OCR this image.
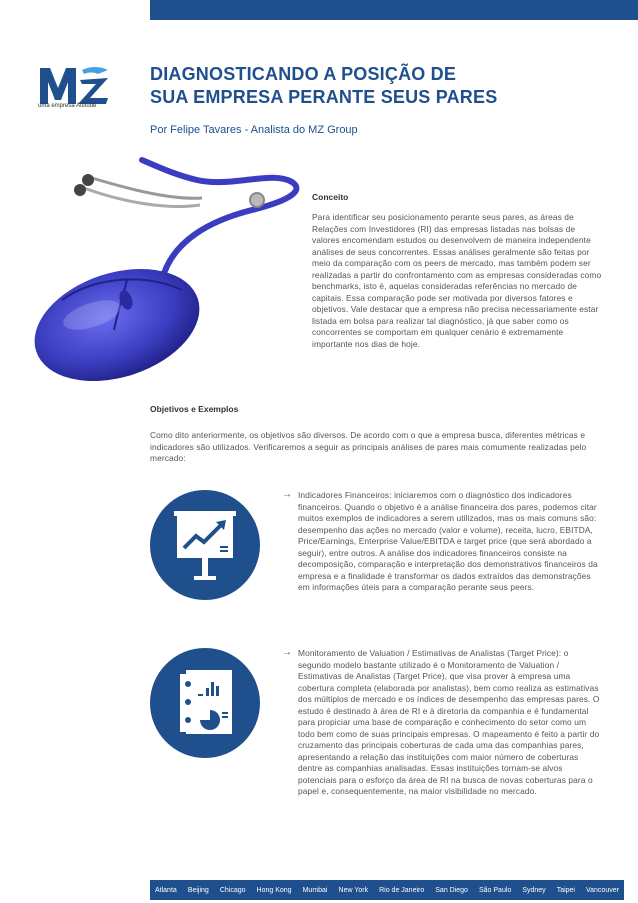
uma empresa Attitude
DIAGNOSTICANDO A POSIÇÃO DE
SUA EMPRESA PERANTE SEUS PARES

Por Felipe Tavares - Analista do MZ Group

Conceito

Para identificar seu posicionamento perante seus pares, as áreas de Relações com Investidores (RI) das empresas listadas nas bolsas de valores encomendam estudos ou desenvolvem de maneira independente análises de seus concorrentes. Essas análises geralmente são feitas por meio da comparação com os peers de mercado, mas também podem ser realizadas a partir do confrontamento com as empresas consideradas como benchmarks, isto é, aquelas consideradas referências no mercado de capitais. Essa comparação pode ser motivada por diversos fatores e objetivos. Vale destacar que a empresa não precisa necessariamente estar listada em bolsa para realizar tal diagnóstico, já que saber como os concorrentes se comportam em qualquer cenário é extremamente importante nos dias de hoje.

Objetivos e Exemplos

Como dito anteriormente, os objetivos são diversos. De acordo com o que a empresa busca, diferentes métricas e indicadores são utilizados. Verificaremos a seguir as principais análises de pares mais comumente realizadas pelo mercado:

→ Indicadores Financeiros: iniciaremos com o diagnóstico dos indicadores financeiros. Quando o objetivo é a análise financeira dos pares, podemos citar muitos exemplos de indicadores a serem utilizados, mas os mais comuns são: desempenho das ações no mercado (valor e volume), receita, lucro, EBITDA, Price/Earnings, Enterprise Value/EBITDA e target price (que será abordado a seguir), entre outros. A análise dos indicadores financeiros consiste na decomposição, comparação e interpretação dos demonstrativos financeiros da empresa e a finalidade é transformar os dados extraídos das demonstrações em informações úteis para a comparação perante seus peers.

→ Monitoramento de Valuation / Estimativas de Analistas (Target Price): o segundo modelo bastante utilizado é o Monitoramento de Valuation / Estimativas de Analistas (Target Price), que visa prover à empresa uma cobertura completa (elaborada por analistas), bem como realiza as estimativas dos múltiplos de mercado e os índices de desempenho das empresas pares. O estudo é destinado à área de RI e à diretoria da companhia e é fundamental para propiciar uma base de comparação e conhecimento do setor como um todo bem como de suas principais empresas. O mapeamento é feito a partir do cruzamento das principais coberturas de cada uma das companhias pares, apresentando a relação das instituições com maior número de coberturas dentre as companhias analisadas. Essas instituições tornam-se alvos potenciais para o esforço da área de RI na busca de novas coberturas para o papel e, consequentemente, na maior visibilidade no mercado.

Atlanta Beijing Chicago Hong Kong Mumbai New York Rio de Janeiro San Diego São Paulo Sydney Taipei Vancouver
